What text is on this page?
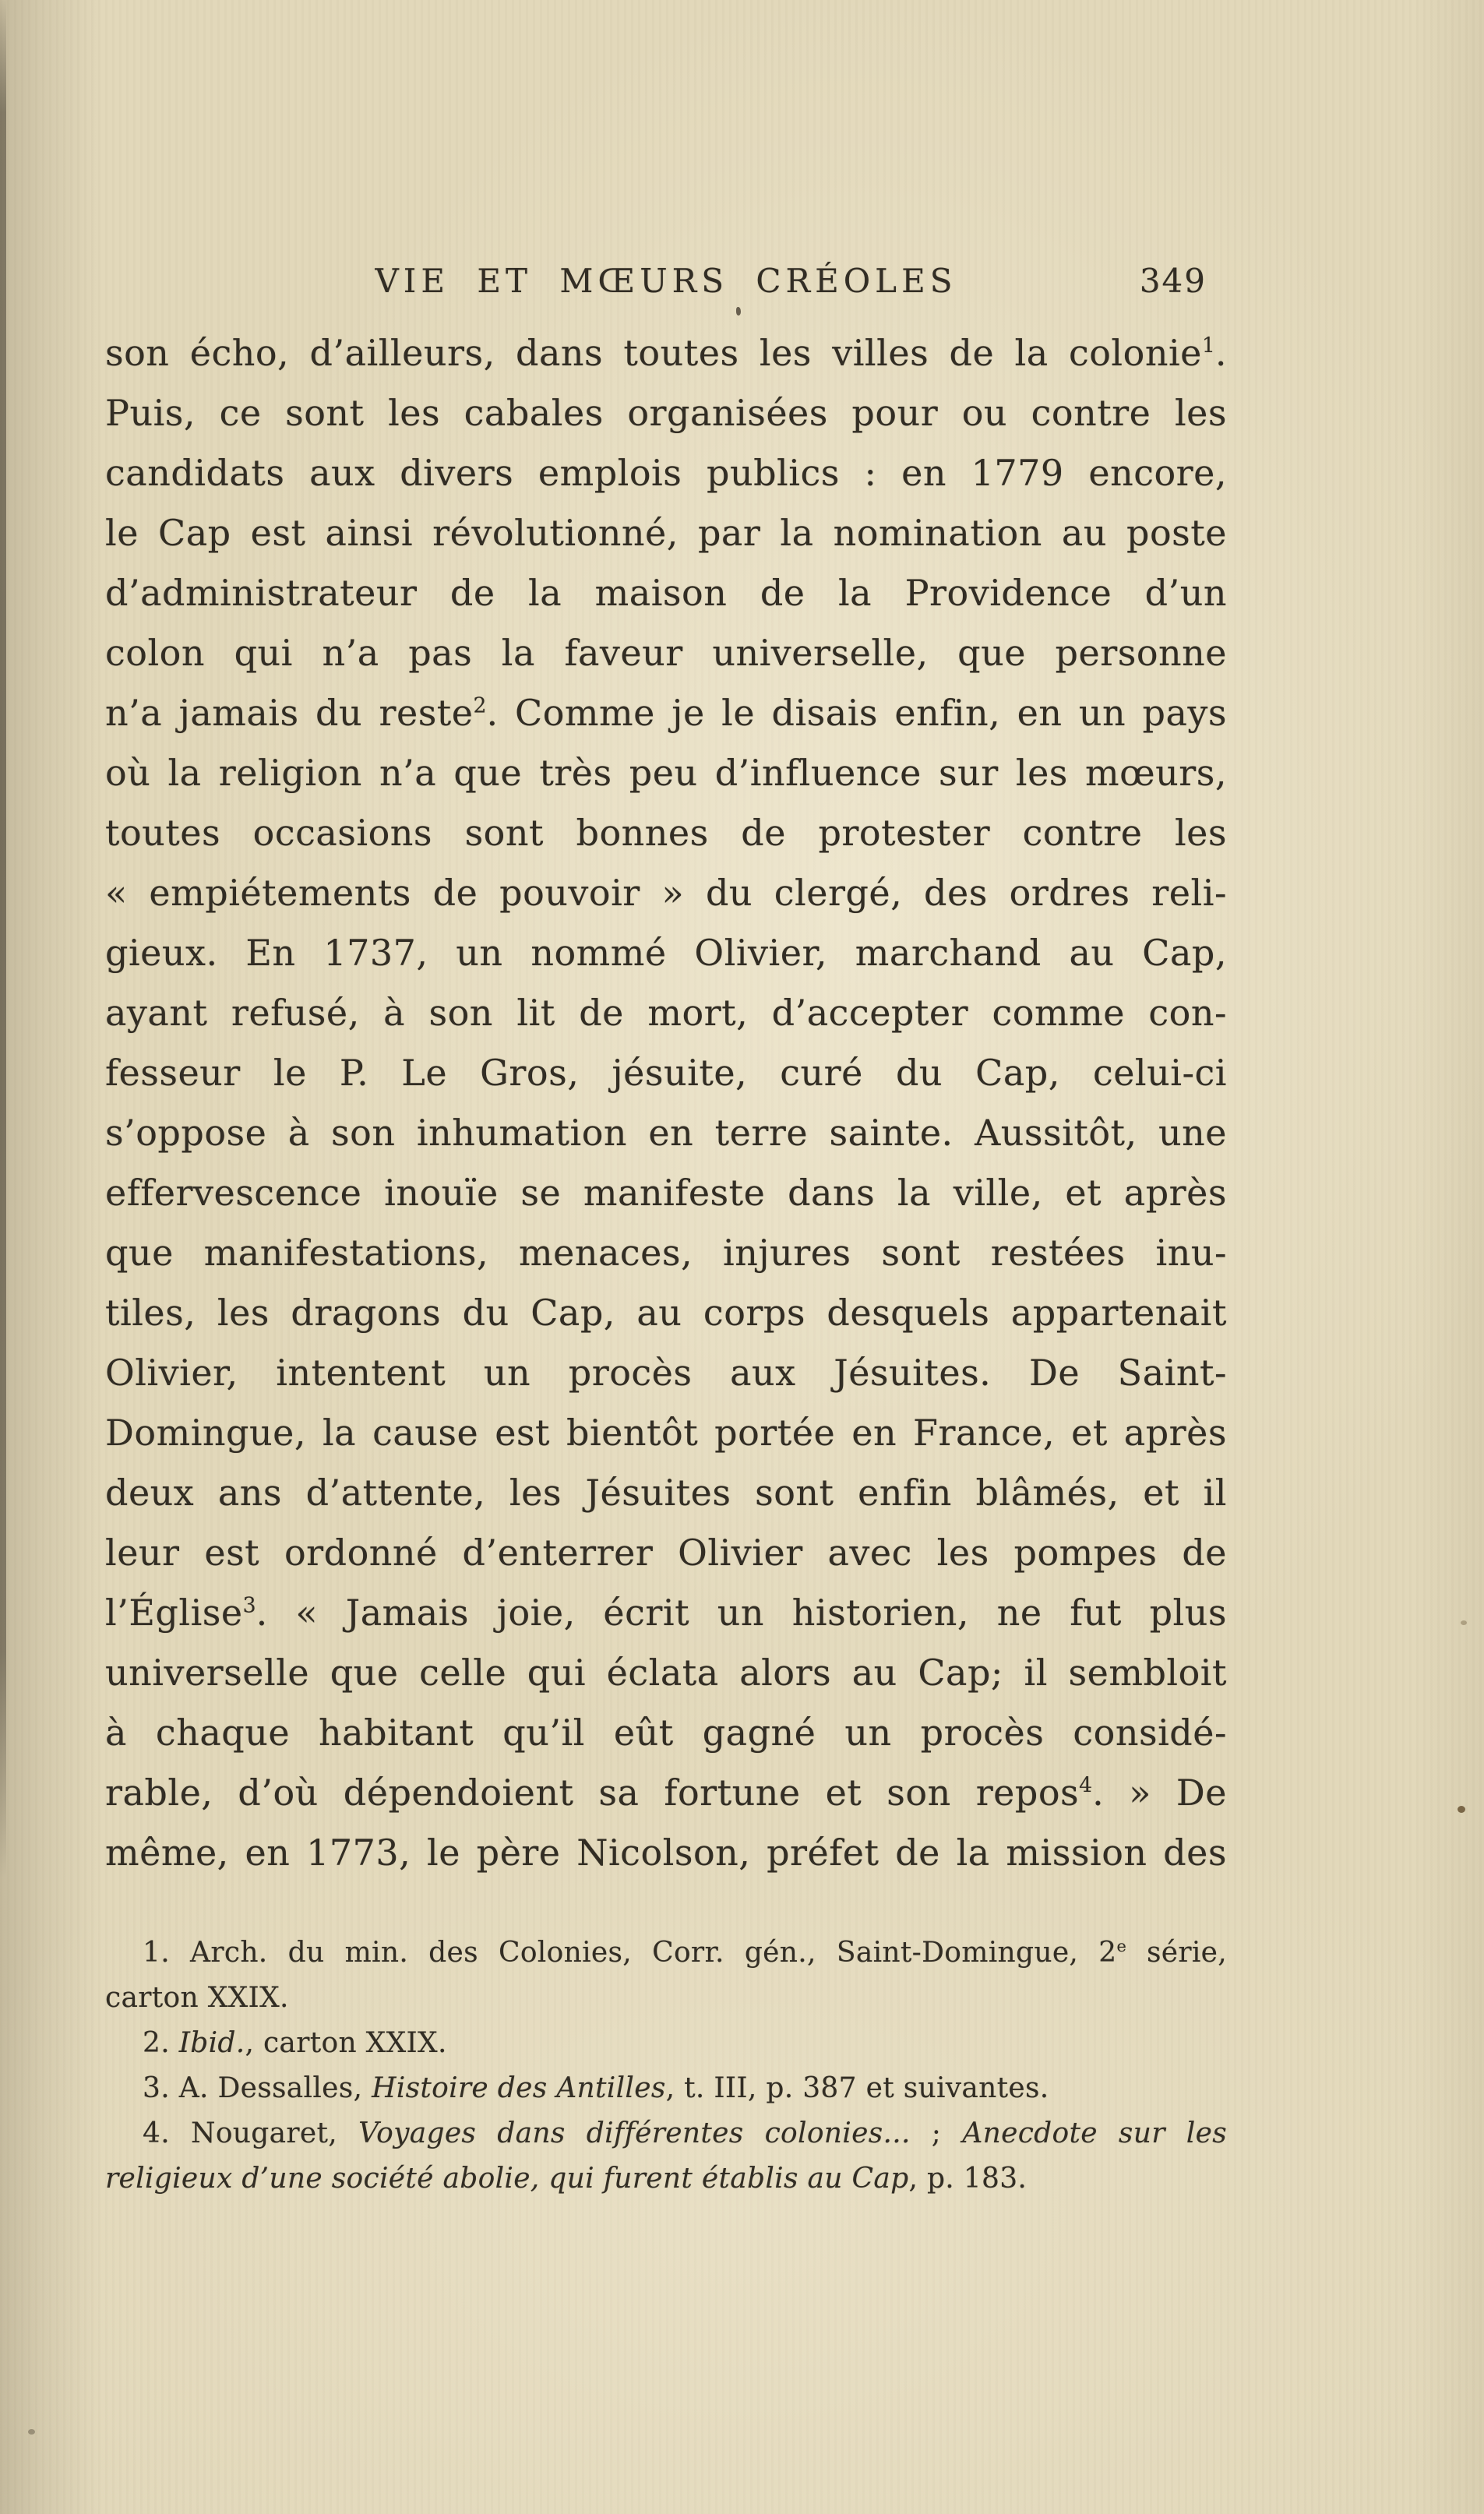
VIE ET MŒURS CRÉOLES	349
son écho, d’ailleurs, dans toutes les villes de la colonie$^1$.
Puis, ce sont les cabales organisées pour ou contre les
candidats aux divers emplois publics : en 1779 encore,
le Cap est ainsi révolutionné, par la nomination au poste
d’administrateur de la maison de la Providence d’un
colon qui n’a pas la faveur universelle, que personne
n’a jamais du reste$^2$. Comme je le disais enfin, en un pays
où la religion n’a que très peu d’influence sur les mœurs,
toutes occasions sont bonnes de protester contre les
« empiétements de pouvoir » du clergé, des ordres reli-
gieux. En 1737, un nommé Olivier, marchand au Cap,
ayant refusé, à son lit de mort, d’accepter comme con-
fesseur le P. Le Gros, jésuite, curé du Cap, celui-ci
s’oppose à son inhumation en terre sainte. Aussitôt, une
effervescence inouïe se manifeste dans la ville, et après
que manifestations, menaces, injures sont restées inu-
tiles, les dragons du Cap, au corps desquels appartenait
Olivier, intentent un procès aux Jésuites. De Saint-
Domingue, la cause est bientôt portée en France, et après
deux ans d’attente, les Jésuites sont enfin blâmés, et il
leur est ordonné d’enterrer Olivier avec les pompes de
l’Église$^3$. « Jamais joie, écrit un historien, ne fut plus
universelle que celle qui éclata alors au Cap; il sembloit
à chaque habitant qu’il eût gagné un procès considé-
rable, d’où dépendoient sa fortune et son repos$^4$. » De
même, en 1773, le père Nicolson, préfet de la mission des
1. Arch. du min. des Colonies, Corr. gén., Saint-Domingue, 2e série,
carton XXIX.
2. Ibid., carton XXIX.
3. A. Dessalles, Histoire des Antilles, t. III, p. 387 et suivantes.
4. Nougaret, Voyages dans différentes colonies... ; Anecdote sur les
religieux d’une société abolie, qui furent établis au Cap, p. 183.
